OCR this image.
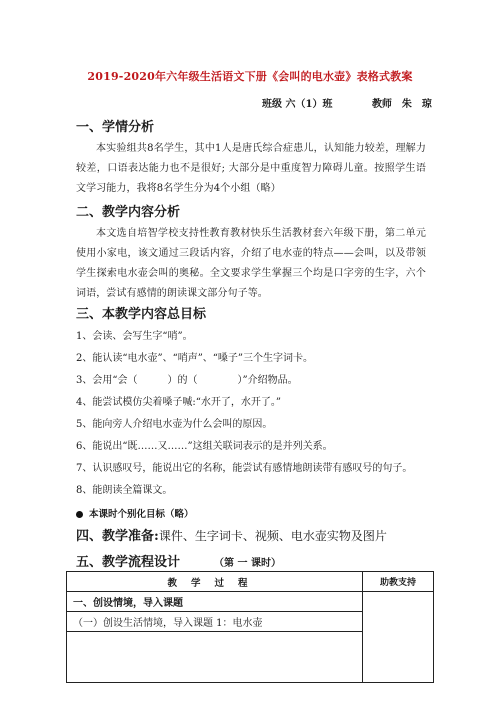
2019-2020年六年级生活语文下册《会叫的电水壶》表格式教案
班级 六（1）班	教师　朱　琼
一、学情分析
本实验组共8名学生，其中1人是唐氏综合症患儿，认知能力较差，理解力较差，口语表达能力也不是很好; 大部分是中重度智力障碍儿童。按照学生语文学习能力，我将8名学生分为4个小组（略）
二、教学内容分析
本文选自培智学校支持性教育教材快乐生活教材套六年级下册，第二单元使用小家电，该文通过三段话内容，介绍了电水壶的特点——会叫，以及带领学生探索电水壶会叫的奥秘。全文要求学生掌握三个均是口字旁的生字，六个词语，尝试有感情的朗读课文部分句子等。
三、本教学内容总目标
1、会读、会写生字“哨”。
2、能认读“电水壶”、“哨声”、“嗓子”三个生字词卡。
3、会用“会（　　　）的（　　　　）”介绍物品。
4、能尝试模仿尖着嗓子喊:“水开了，水开了。”
5、能向旁人介绍电水壶为什么会叫的原因。
6、能说出“既……又……”这组关联词表示的是并列关系。
7、认识感叹号，能说出它的名称，能尝试有感情地朗读带有感叹号的句子。
8、能朗读全篇课文。
本课时个别化目标（略）
四、教学准备:课件、生字词卡、视频、电水壶实物及图片
五、教学流程设计	（第 一 课时）
教学过程	助教支持
一、创设情境，导入课题	
（一）创设生活情境，导入课题 1：电水壶	
